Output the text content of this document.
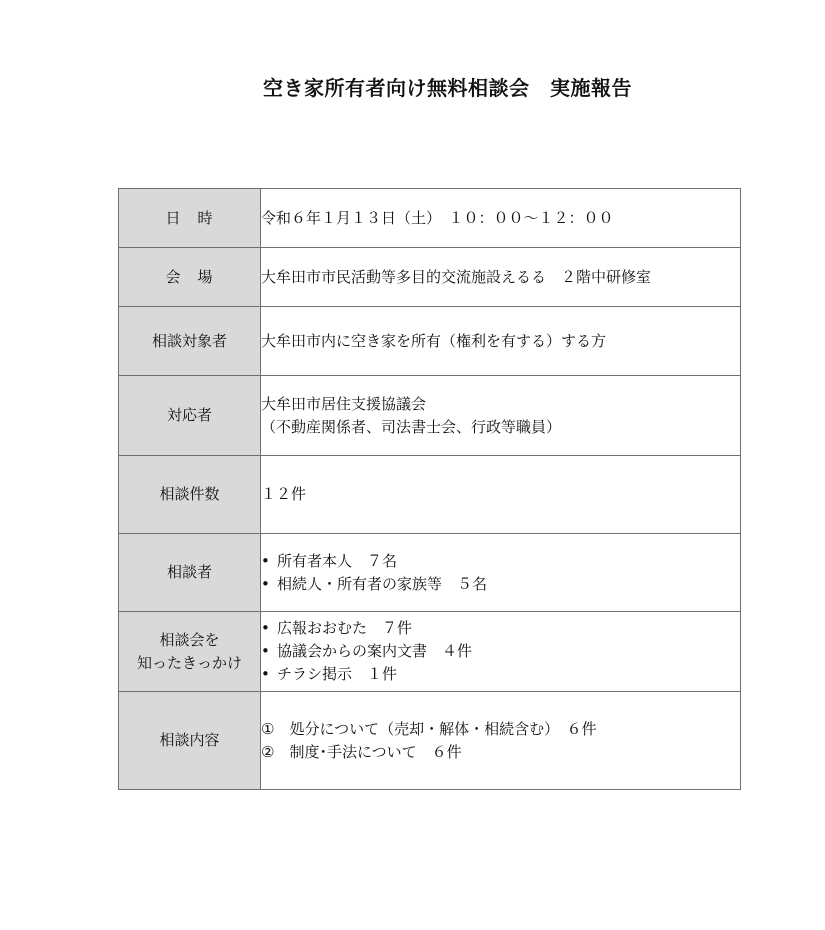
空き家所有者向け無料相談会　実施報告
日　時	令和６年１月１３日（土）　１０：００～１２：００
会　場	大牟田市市民活動等多目的交流施設えるる　２階中研修室
相談対象者	大牟田市内に空き家を所有（権利を有する）する方
対応者	大牟田市居住支援協議会
（不動産関係者、司法書士会、行政等職員）

相談件数	１２件
相談者	• 所有者本人　７名
• 相続人・所有者の家族等　５名

相談会を
知ったきっかけ	• 広報おおむた　７件
• 協議会からの案内文書　４件
• チラシ掲示　１件

相談内容	①　処分について（売却・解体・相続含む）　６件
②　制度･手法について　６件
